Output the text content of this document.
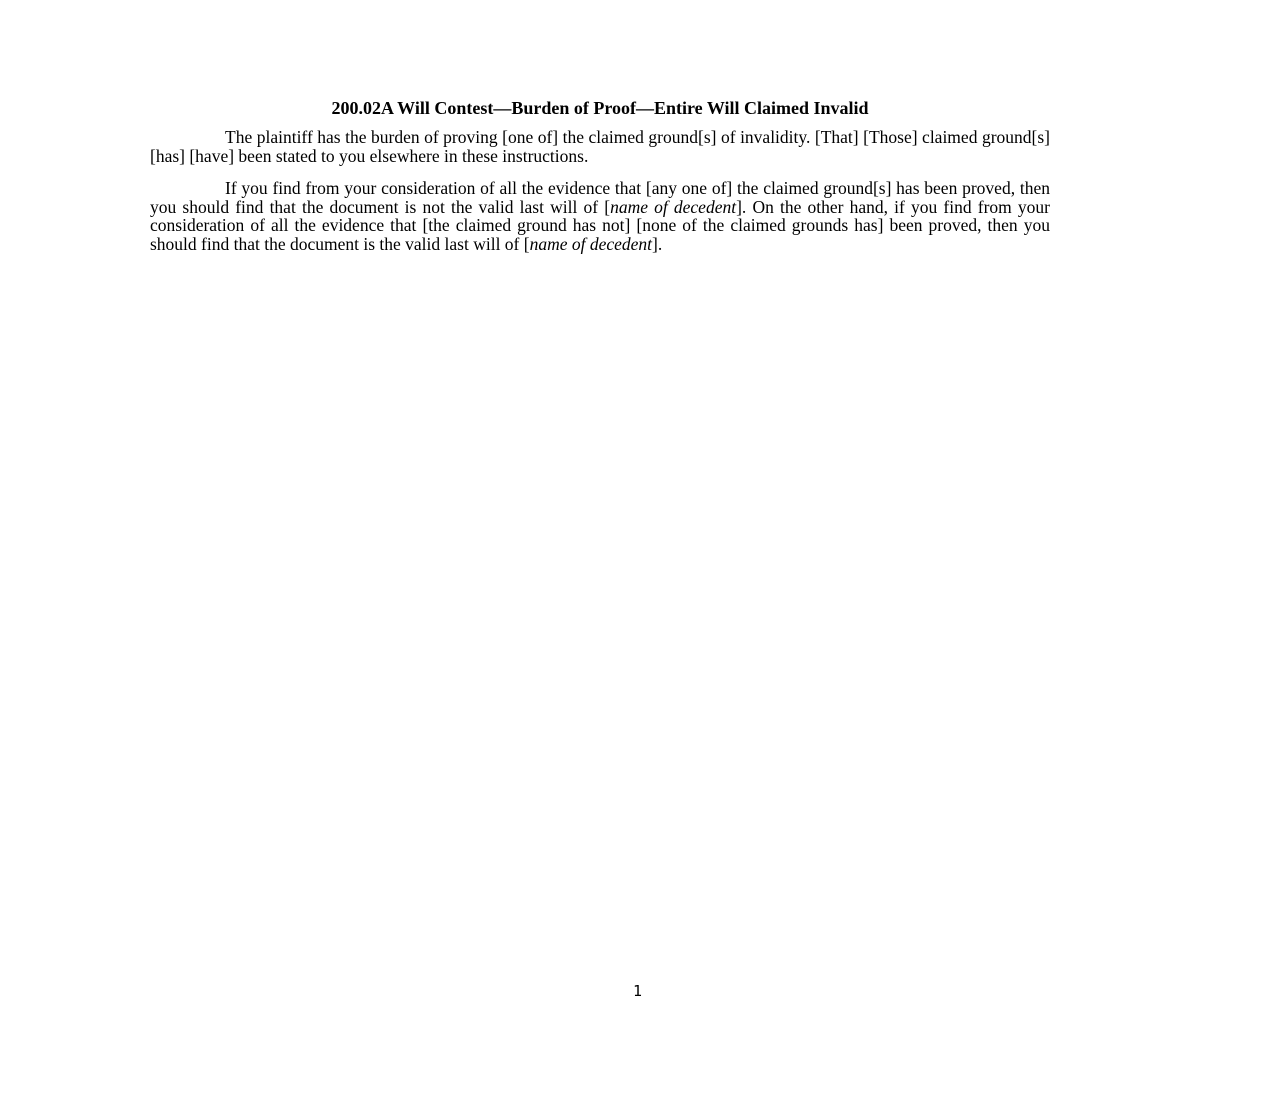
200.02A Will Contest—Burden of Proof—Entire Will Claimed Invalid

The plaintiff has the burden of proving [one of] the claimed ground[s] of invalidity. [That] [Those] claimed ground[s] [has] [have] been stated to you elsewhere in these instructions.

If you find from your consideration of all the evidence that [any one of] the claimed ground[s] has been proved, then you should find that the document is not the valid last will of [name of decedent]. On the other hand, if you find from your consideration of all the evidence that [the claimed ground has not] [none of the claimed grounds has] been proved, then you should find that the document is the valid last will of [name of decedent].

1
